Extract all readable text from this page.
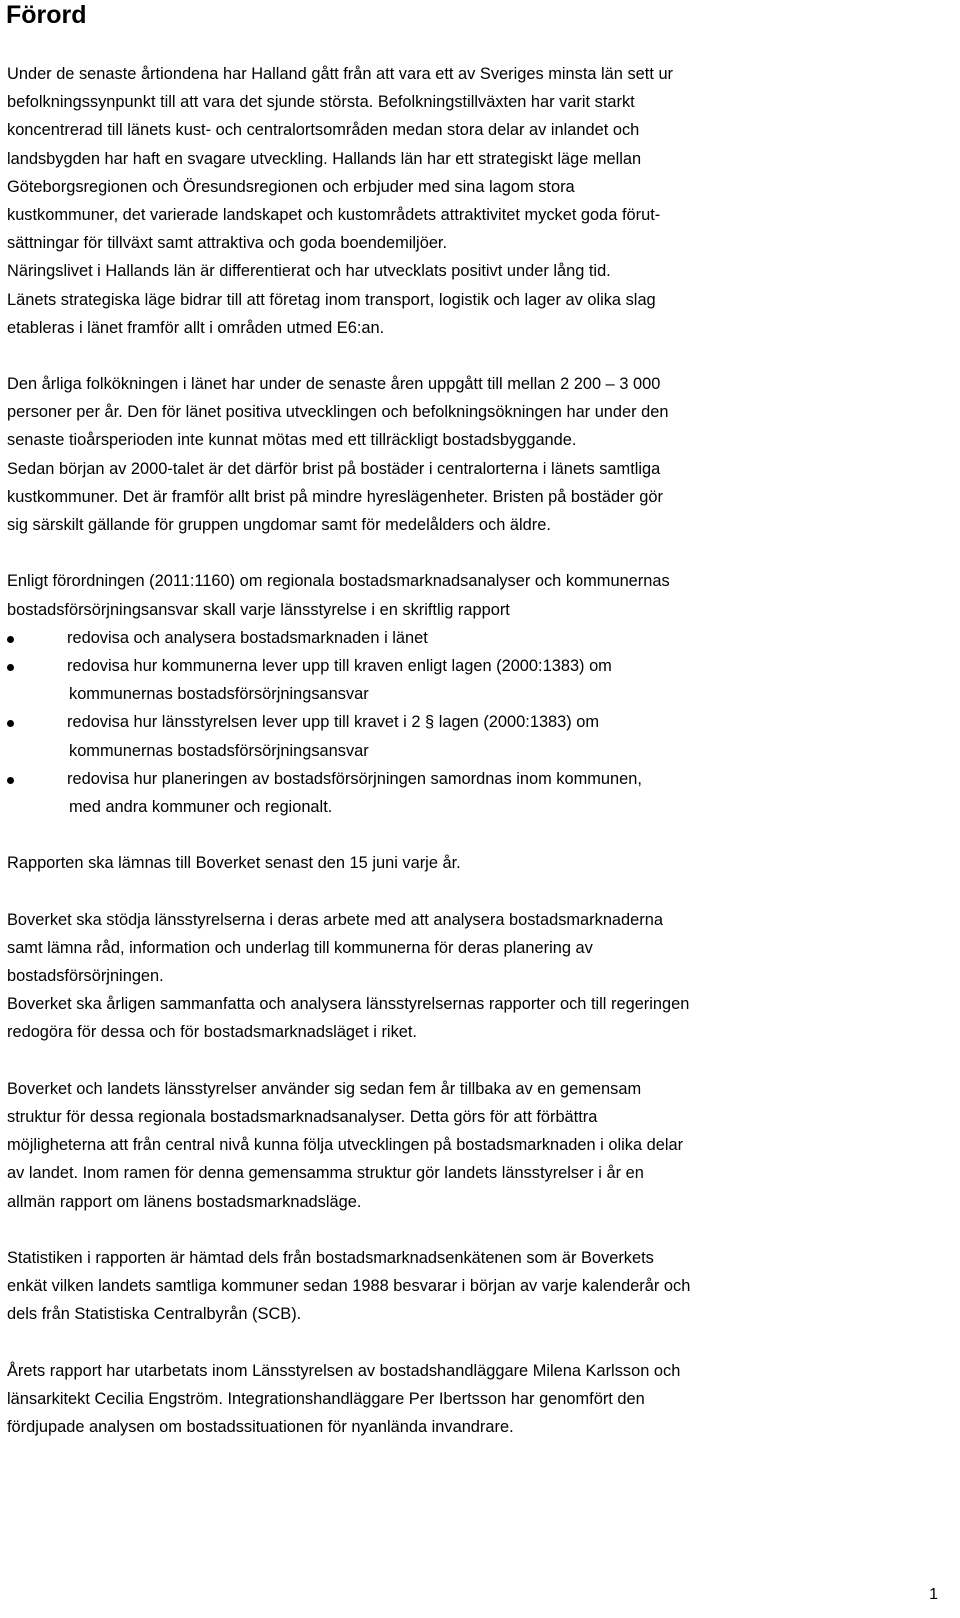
Förord
Under de senaste årtiondena har Halland gått från att vara ett av Sveriges minsta län sett ur
befolkningssynpunkt till att vara det sjunde största. Befolkningstillväxten har varit starkt
koncentrerad till länets kust- och centralortsområden medan stora delar av inlandet och
landsbygden har haft en svagare utveckling. Hallands län har ett strategiskt läge mellan
Göteborgsregionen och Öresundsregionen och erbjuder med sina lagom stora
kustkommuner, det varierade landskapet och kustområdets attraktivitet mycket goda förut-
sättningar för tillväxt samt attraktiva och goda boendemiljöer.
Näringslivet i Hallands län är differentierat och har utvecklats positivt under lång tid.
Länets strategiska läge bidrar till att företag inom transport, logistik och lager av olika slag
etableras i länet framför allt i områden utmed E6:an.
Den årliga folkökningen i länet har under de senaste åren uppgått till mellan 2 200 – 3 000
personer per år. Den för länet positiva utvecklingen och befolkningsökningen har under den
senaste tioårsperioden inte kunnat mötas med ett tillräckligt bostadsbyggande.
Sedan början av 2000-talet är det därför brist på bostäder i centralorterna i länets samtliga
kustkommuner. Det är framför allt brist på mindre hyreslägenheter. Bristen på bostäder gör
sig särskilt gällande för gruppen ungdomar samt för medelålders och äldre.
Enligt förordningen (2011:1160) om regionala bostadsmarknadsanalyser och kommunernas
bostadsförsörjningsansvar skall varje länsstyrelse i en skriftlig rapport
redovisa och analysera bostadsmarknaden i länet
redovisa hur kommunerna lever upp till kraven enligt lagen (2000:1383) om
kommunernas bostadsförsörjningsansvar
redovisa hur länsstyrelsen lever upp till kravet i 2 § lagen (2000:1383) om
kommunernas bostadsförsörjningsansvar
redovisa hur planeringen av bostadsförsörjningen samordnas inom kommunen,
med andra kommuner och regionalt.
Rapporten ska lämnas till Boverket senast den 15 juni varje år.
Boverket ska stödja länsstyrelserna i deras arbete med att analysera bostadsmarknaderna
samt lämna råd, information och underlag till kommunerna för deras planering av
bostadsförsörjningen.
Boverket ska årligen sammanfatta och analysera länsstyrelsernas rapporter och till regeringen
redogöra för dessa och för bostadsmarknadsläget i riket.
Boverket och landets länsstyrelser använder sig sedan fem år tillbaka av en gemensam
struktur för dessa regionala bostadsmarknadsanalyser. Detta görs för att förbättra
möjligheterna att från central nivå kunna följa utvecklingen på bostadsmarknaden i olika delar
av landet. Inom ramen för denna gemensamma struktur gör landets länsstyrelser i år en
allmän rapport om länens bostadsmarknadsläge.
Statistiken i rapporten är hämtad dels från bostadsmarknadsenkätenen som är Boverkets
enkät vilken landets samtliga kommuner sedan 1988 besvarar i början av varje kalenderår och
dels från Statistiska Centralbyrån (SCB).
Årets rapport har utarbetats inom Länsstyrelsen av bostadshandläggare Milena Karlsson och
länsarkitekt Cecilia Engström. Integrationshandläggare Per Ibertsson har genomfört den
fördjupade analysen om bostadssituationen för nyanlända invandrare.
1
